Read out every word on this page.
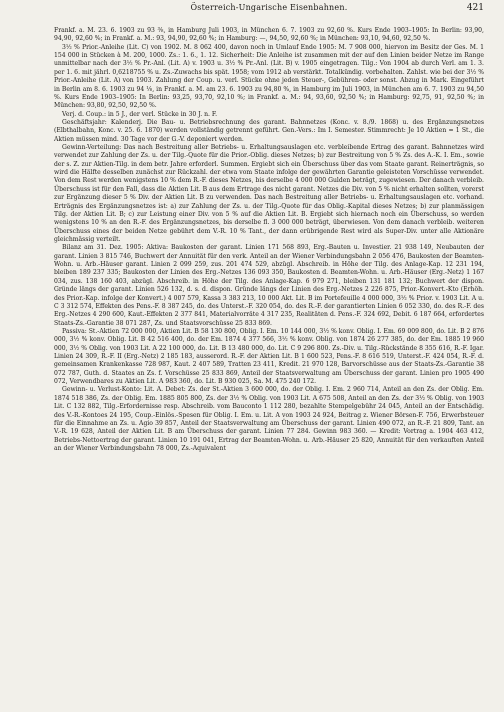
Österreich-Ungarische Eisenbahnen.	421

Frankf. a. M. 23. 6. 1903 zu 93 ⅜, in Hamburg Juli 1903, in München 6. 7. 1903 zu 92,60 %. Kurs Ende 1903–1905: In Berlin: 93,90, 94,90, 92,60 %; in Frankf. a. M.: 93, 94,90, 92,60 %; in Hamburg: —, 94,50, 92,60 %; in München: 93,10, 94,60, 92,50 %.

3½ % Prior.-Anleihe (Lit. C) von 1902. M. 8 062 400, davon noch in Umlauf Ende 1905: M. 7 908 000, hiervon im Besitz der Ges. M. 1 154 000 in Stücken à M. 200, 1000. Zs.: 1. 6., 1. 12. Sicherheit: Die Anleihe ist zusammen mit der auf den Linien beider Netze im Range unmittelbar nach der 3½ % Pr.-Anl. (Lit. A) v. 1903 u. 3½ % Pr.-Anl. (Lit. B) v. 1905 eingetragen. Tilg.: Von 1904 ab durch Verl. am 1. 3. per 1. 6. mit jährl. 0,6218755 % u. Zs.-Zuwachs bis spät. 1958; vom 1912 ab verstärkt. Totalkündig. vorbehalten. Zahlst. wie bei der 3½ % Prior.-Anleihe (Lit. A) von 1903. Zahlung der Coup. u. verl. Stücke ohne jeden Steuer-, Gebühren- oder sonst. Abzug in Mark. Eingeführt in Berlin am 8. 6. 1903 zu 94 ⅛, in Frankf. a. M. am 23. 6. 1903 zu 94,80 %, in Hamburg im Juli 1903, in München am 6. 7. 1903 zu 94,50 %. Kurs Ende 1903–1905: In Berlin: 93,25, 93,70, 92,10 %; in Frankf. a. M.: 94, 93,60, 92,50 %; in Hamburg: 92,75, 91, 92,50 %; in München: 93,80, 92,50, 92,50 %.

Verj. d. Coup.: in 5 J., der verl. Stücke in 30 J. n. F.

Geschäftsjahr: Kalenderj. Die Bau- u. Betriebsrechnung des garant. Bahnnetzes (Konc. v. 8./9. 1868) u. des Ergänzungsnetzes (Elbthalbahn, Konc. v. 25. 6. 1870) werden vollständig getrennt geführt. Gen.-Vers.: Im I. Semester. Stimmrecht: Je 10 Aktien = 1 St., die Aktien müssen mind. 30 Tage vor der G.-V. deponiert werden.

Gewinn-Verteilung: Das nach Bestreitung aller Betriebs- u. Erhaltungsauslagen etc. verbleibende Ertrag des garant. Bahnnetzes wird verwendet zur Zahlung der Zs. u. der Tilg.-Quote für die Prior.-Oblig. dieses Netzes; b) zur Bestreitung von 5 % Zs. des A.-K. I. Em., sowie der s. Z. zur Aktien-Tilg. in dem betr. Jahre erforderl. Summen. Ergiebt sich ein Überschuss über das vom Staate garant. Reinerträgnis, so wird die Hälfte desselben zunächst zur Rückzahl. der etwa vom Staate infolge der gewährten Garantie geleisteten Vorschüsse verwendet. Von dem Rest werden wenigstens 10 % dem R.-F. dieses Netzes, bis derselbe 4 000 000 Gulden beträgt, zugewiesen. Der danach verbleib. Überschuss ist für den Fall, dass die Aktien Lit. B aus dem Ertrage des nicht garant. Netzes die Div. von 5 % nicht erhalten sollten, vorerst zur Ergänzung dieser 5 % Div. der Aktien Lit. B zu verwenden. Das nach Bestreitung aller Betriebs- u. Erhaltungsauslagen etc. vorhand. Erträgnis des Ergänzungsnetzes ist: a) zur Zahlung der Zs. u. der Tilg.-Quote für das Oblig.-Kapital dieses Netzes; b) zur planmässigen Tilg. der Aktien Lit. B; c) zur Leistung einer Div. von 5 % auf die Aktien Lit. B. Ergiebt sich hiernach noch ein Überschuss, so werden wenigstens 10 % an den R.-F. des Ergänzungsnetzes, bis derselbe fl. 3 000 000 beträgt, überwiesen. Von dem danach verbleib. weiteren Überschuss eines der beiden Netze gebührt dem V.-R. 10 % Tant., der dann erübrigende Rest wird als Super-Div. unter alle Aktionäre gleichmässig verteilt.

Bilanz am 31. Dez. 1905: Aktiva: Baukosten der garant. Linien 171 568 893, Erg.-Bauten u. Investier. 21 938 149, Neubauten der garant. Linien 3 815 746, Buchwert der Annuität für den verk. Anteil an der Wiener Verbindungsbahn 2 056 476, Baukosten der Beamten-Wohn. u. Arb.-Häuser garant. Linien 2 099 259, zus. 201 474 529, abzügl. Abschreib. in Höhe der Tilg. des Anlage-Kap. 12 231 194, bleiben 189 237 335; Baukosten der Linien des Erg.-Netzes 136 093 350, Baukosten d. Beamten-Wohn. u. Arb.-Häuser (Erg.-Netz) 1 167 034, zus. 138 160 403, abzügl. Abschreib. in Höhe der Tilg. des Anlage-Kap. 6 979 271, bleiben 131 181 132; Buchwert der dispon. Gründe längs der garant. Linien 526 132, d. s. d. dispon. Gründe längs der Linien des Erg.-Netzes 2 226 875, Prior.-Konvert.-Kto (Erhöh. des Prior.-Kap. infolge der Konvert.) 4 007 579, Kassa 3 383 213, 10 000 Akt. Lit. B im Portefeuille 4 000 000, 3½ % Prior. v. 1903 Lit. A u. C 3 312 574, Effekten des Pens.-F. 8 387 245, do. des Unterst.-F. 320 054, do. des R.-F. der garantierten Linien 6 052 330, do. des R.-F. des Erg.-Netzes 4 290 600, Kaut.-Effekten 2 377 841, Materialvorräte 4 317 235, Realitäten d. Pens.-F. 324 692, Debit. 6 187 664, erfordertes Staats-Zs.-Garantie 38 071 287, Zs. und Staatsvorschüsse 25 833 869.

Passiva: St.-Aktien 72 000 000, Aktien Lit. B 58 130 800, Oblig. I. Em. 10 144 000, 3½ % konv. Oblig. I. Em. 69 009 800, do. Lit. B 2 876 000, 3½ % konv. Oblig. Lit. B 42 516 400, do. der Em. 1874 4 377 566, 3½ % konv. Oblig. von 1874 26 277 385, do. der Em. 1885 19 960 000, 3½ % Oblig. von 1903 Lit. A 22 100 000, do. Lit. B 13 480 000, do. Lit. C 9 296 800. Zs.-Div. u. Tilg.-Rückstände 8 355 616, R.-F. Igar. Linien 24 309, R.-F. II (Erg.-Netz) 2 185 183, ausserord. R.-F. der Aktien Lit. B 1 600 523, Pens.-F. 8 616 519, Unterst.-F. 424 054, R.-F. d. gemeinsamen Krankenkasse 728 987, Kaut. 2 407 589, Tratten 23 411, Kredit. 21 970 128, Barvorschüsse aus der Staats-Zs.-Garantie 38 072 787, Guth. d. Staates an Zs. f. Vorschüsse 25 833 869, Anteil der Staatsverwaltung am Überschuss der garant. Linien pro 1905 490 072, Verwendbares zu Aktien Lit. A 983 360, do. Lit. B 930 025, Sa. M. 475 240 172.

Gewinn- u. Verlust-Konto: Lit. A. Debet: Zs. der St.-Aktien 3 600 000, do. der Oblig. I. Em. 2 960 714, Anteil an den Zs. der Oblig. Em. 1874 518 386, Zs. der Oblig. Em. 1885 805 800, Zs. der 3½ % Oblig. von 1903 Lit. A 675 508, Anteil an den Zs. der 3½ % Oblig. von 1903 Lit. C 132 882, Tilg.-Erfordernisse resp. Abschreib. vom Bauconto 1 112 280, bezahlte Stempelgebühr 24 045, Anteil an der Entschädig. des V.-R.-Kontoes 24 195, Coup.-Einlös.-Spesen für Oblig. I. Em. u. Lit. A von 1903 24 924, Beitrag z. Wiener Börsen-F. 756, Erwerbsteuer für die Einnahme an Zs. u. Agio 39 857, Anteil der Staatsverwaltung am Überschuss der garant. Linien 490 072, an R.-F. 21 809, Tant. an V.-R. 19 628, Anteil der Aktien Lit. B am Überschuss der garant. Linien 77 284. Gewinn 983 360. — Kredit: Vortrag a. 1904 463 412, Betriebs-Nettoertrag der garant. Linien 10 191 041, Ertrag der Beamten-Wohn. u. Arb.-Häuser 25 820, Annuität für den verkauften Anteil an der Wiener Verbindungsbahn 78 000, Zs.-Aquivalent
